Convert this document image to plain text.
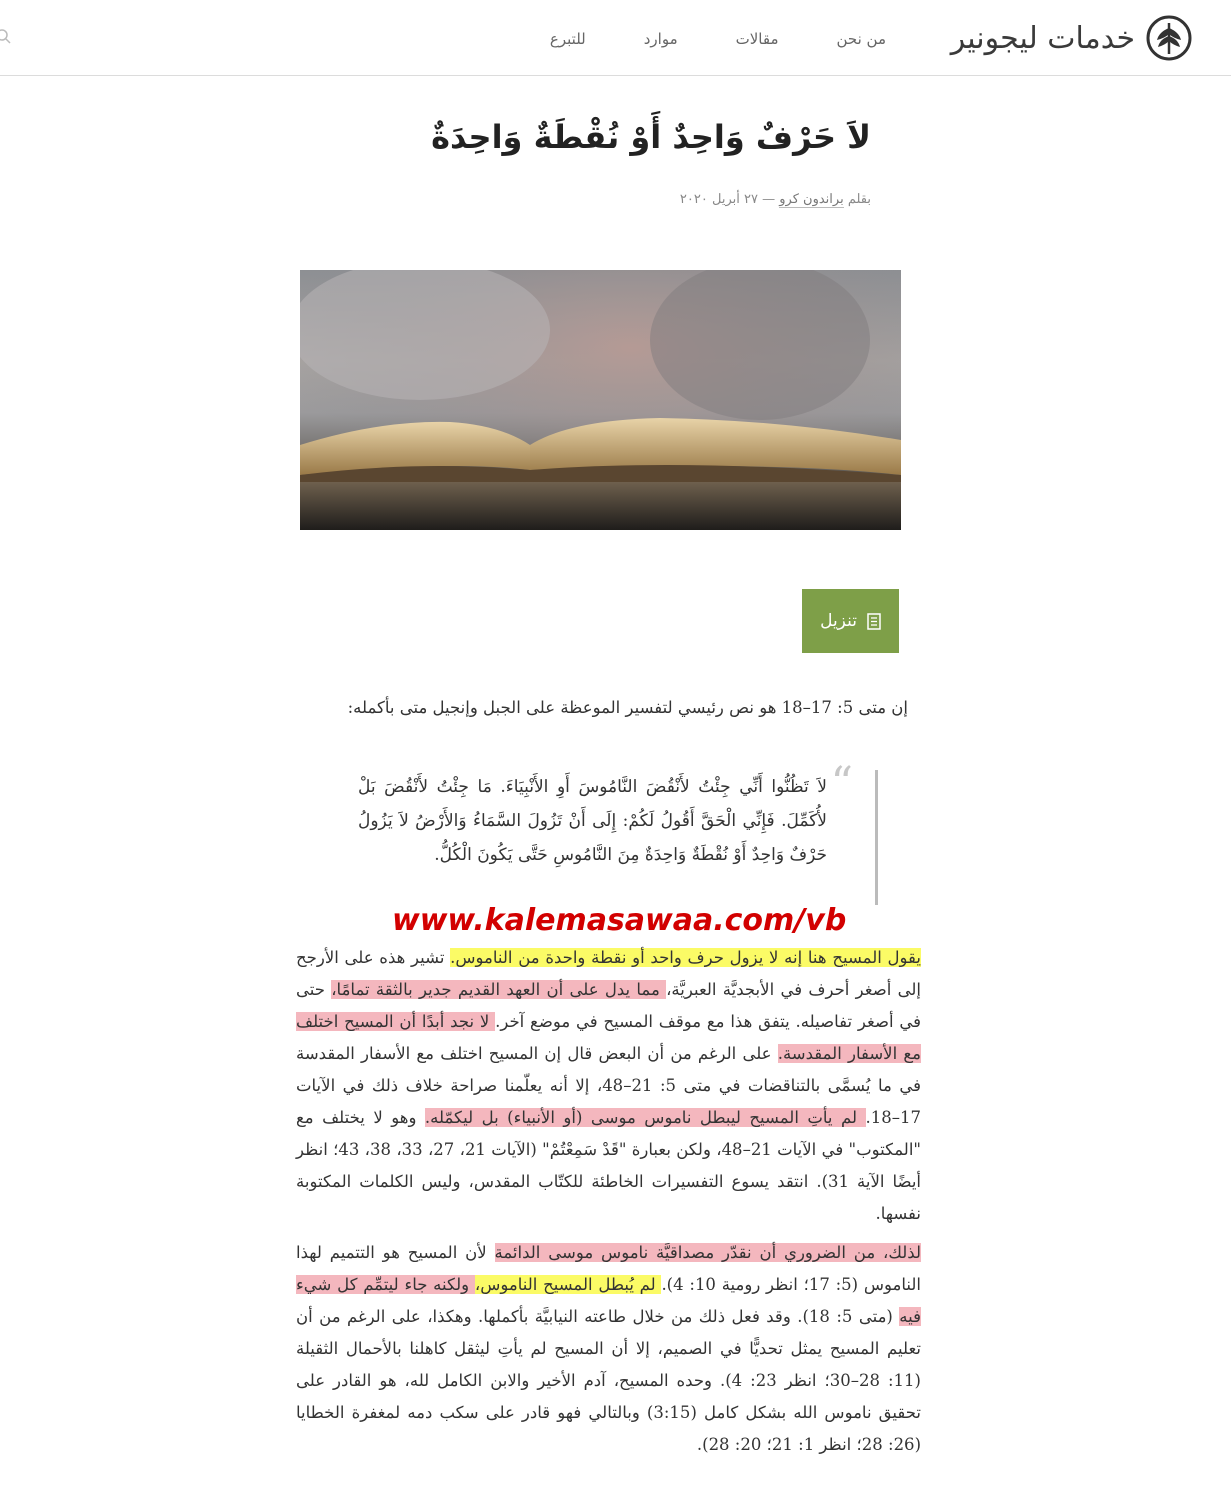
خدمات ليجونير
من نحن
مقالات
موارد
للتبرع
لاَ حَرْفٌ وَاحِدٌ أَوْ نُقْطَةٌ وَاحِدَةٌ
بقلم براندون كرو — ٢٧ أبريل ٢٠٢٠
تنزيل

إن متى 5: 17–18 هو نص رئيسي لتفسير الموعظة على الجبل وإنجيل متى بأكمله:

“
لاَ تَظُنُّوا أَنِّي جِئْتُ لأَنْقُضَ النَّامُوسَ أَوِ الأَنْبِيَاءَ. مَا جِئْتُ لأَنْقُضَ بَلْ لأُكَمِّلَ. فَإِنِّي الْحَقَّ أَقُولُ لَكُمْ: إِلَى أَنْ تَزُولَ السَّمَاءُ وَالأَرْضُ لاَ يَزُولُ حَرْفٌ وَاحِدٌ أَوْ نُقْطَةٌ وَاحِدَةٌ مِنَ النَّامُوسِ حَتَّى يَكُونَ الْكُلُّ.
www.kalemasawaa.com/vb

يقول المسيح هنا إنه لا يزول حرف واحد أو نقطة واحدة من الناموس. تشير هذه على الأرجح إلى أصغر أحرف في الأبجديَّة العبريَّة، مما يدل على أن العهد القديم جدير بالثقة تمامًا، حتى في أصغر تفاصيله. يتفق هذا مع موقف المسيح في موضع آخر. لا نجد أبدًا أن المسيح اختلف مع الأسفار المقدسة. على الرغم من أن البعض قال إن المسيح اختلف مع الأسفار المقدسة في ما يُسمَّى بالتناقضات في متى 5: 21–48، إلا أنه يعلّمنا صراحة خلاف ذلك في الآيات 17–18. لم يأتِ المسيح ليبطل ناموس موسى (أو الأنبياء) بل ليكمّله. وهو لا يختلف مع "المكتوب" في الآيات 21–48، ولكن بعبارة "قَدْ سَمِعْتُمْ" (الآيات 21، 27، 33، 38، 43؛ انظر أيضًا الآية 31). انتقد يسوع التفسيرات الخاطئة للكتّاب المقدس، وليس الكلمات المكتوبة نفسها.

لذلك، من الضروري أن نقدّر مصداقيَّة ناموس موسى الدائمة لأن المسيح هو التتميم لهذا الناموس (5: 17؛ انظر رومية 10: 4). لم يُبطل المسيح الناموس، ولكنه جاء ليتمِّم كل شيء فيه (متى 5: 18). وقد فعل ذلك من خلال طاعته النيابيَّة بأكملها. وهكذا، على الرغم من أن تعليم المسيح يمثل تحديًّا في الصميم، إلا أن المسيح لم يأتِ ليثقل كاهلنا بالأحمال الثقيلة (11: 28–30؛ انظر 23: 4). وحده المسيح، آدم الأخير والابن الكامل لله، هو القادر على تحقيق ناموس الله بشكل كامل (3:15) وبالتالي فهو قادر على سكب دمه لمغفرة الخطايا (26: 28؛ انظر 1: 21؛ 20: 28).
